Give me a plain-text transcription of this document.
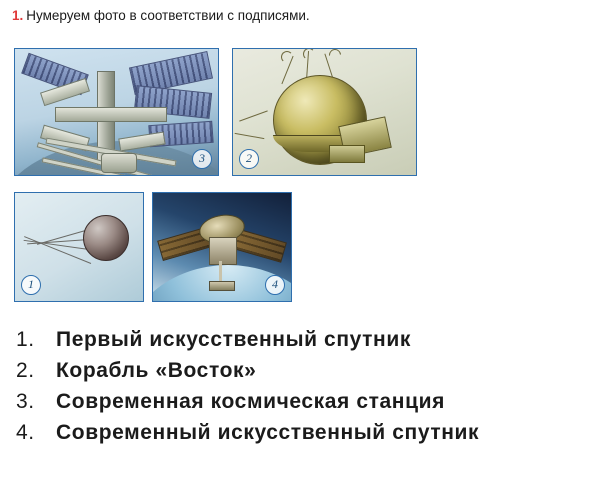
1. Нумеруем фото в соответствии с подписями.
3	2
1	4
1.	Первый искусственный спутник
2.	Корабль «Восток»
3.	Современная космическая станция
4.	Современный искусственный спутник
